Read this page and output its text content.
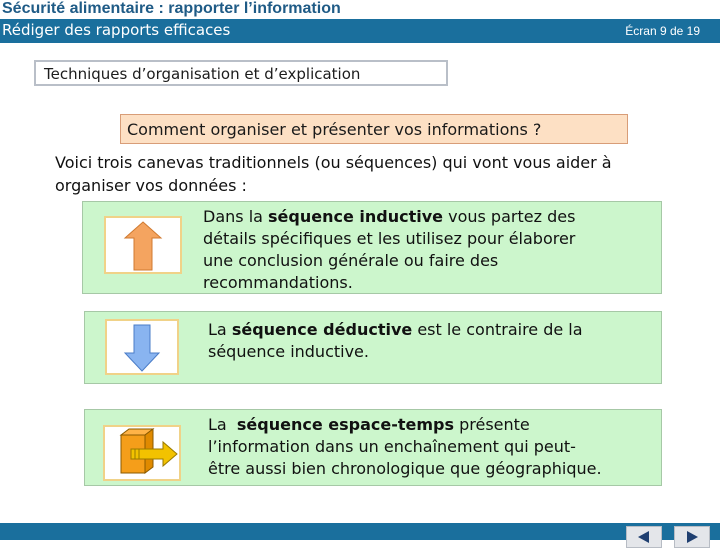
Sécurité alimentaire : rapporter l’information
Rédiger des rapports efficaces	Écran 9 de 19
Techniques d’organisation et d’explication
Comment organiser et présenter vos informations ?
Voici trois canevas traditionnels (ou séquences) qui vont vous aider à
organiser vos données :
Dans la séquence inductive vous partez des
détails spécifiques et les utilisez pour élaborer
une conclusion générale ou faire des
recommandations.
La séquence déductive est le contraire de la
séquence inductive.
La  séquence espace-temps présente
l’information dans un enchaînement qui peut-
être aussi bien chronologique que géographique.
